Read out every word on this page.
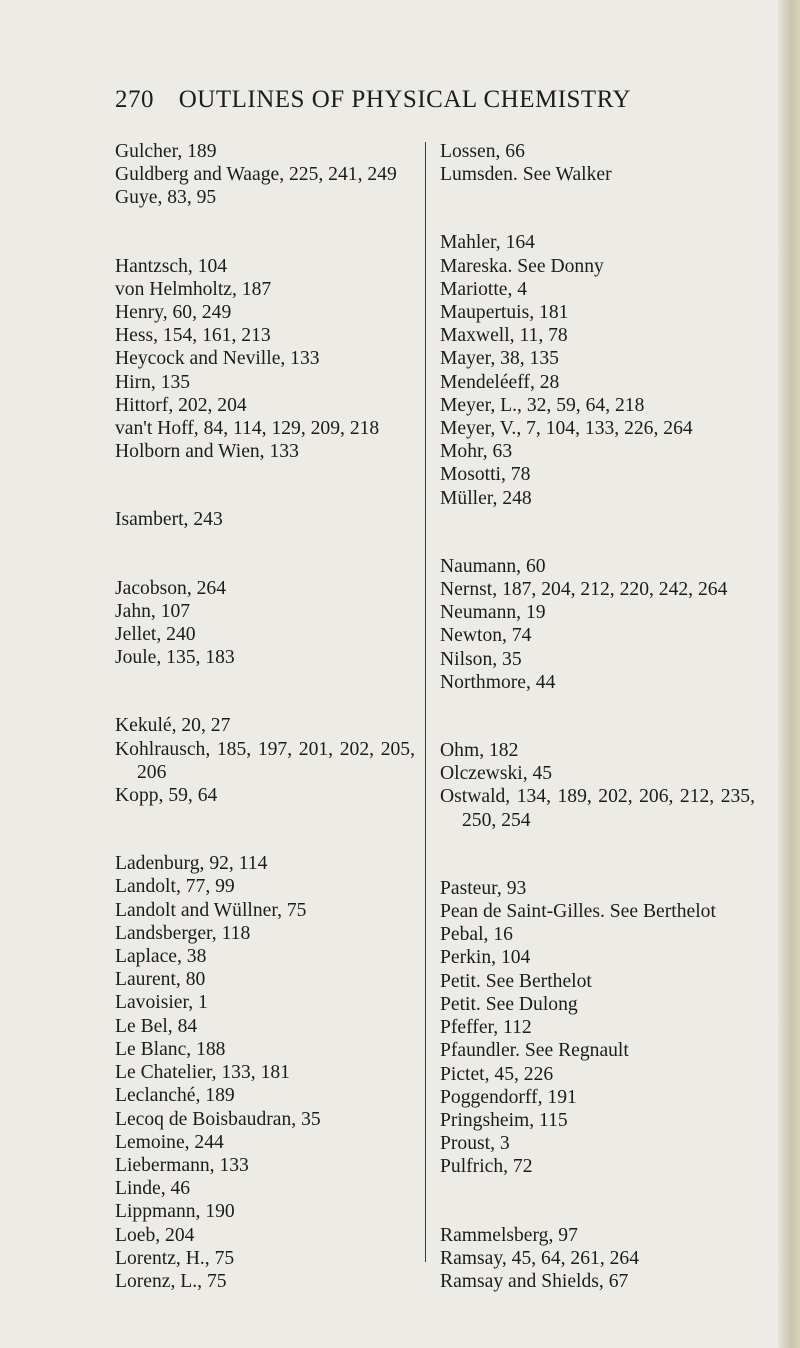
270 OUTLINES OF PHYSICAL CHEMISTRY
Gulcher, 189
Guldberg and Waage, 225, 241, 249
Guye, 83, 95
Hantzsch, 104
von Helmholtz, 187
Henry, 60, 249
Hess, 154, 161, 213
Heycock and Neville, 133
Hirn, 135
Hittorf, 202, 204
van't Hoff, 84, 114, 129, 209, 218
Holborn and Wien, 133
Isambert, 243
Jacobson, 264
Jahn, 107
Jellet, 240
Joule, 135, 183
Kekulé, 20, 27
Kohlrausch, 185, 197, 201, 202, 205, 206
Kopp, 59, 64
Ladenburg, 92, 114
Landolt, 77, 99
Landolt and Wüllner, 75
Landsberger, 118
Laplace, 38
Laurent, 80
Lavoisier, 1
Le Bel, 84
Le Blanc, 188
Le Chatelier, 133, 181
Leclanché, 189
Lecoq de Boisbaudran, 35
Lemoine, 244
Liebermann, 133
Linde, 46
Lippmann, 190
Loeb, 204
Lorentz, H., 75
Lorenz, L., 75
Lossen, 66
Lumsden. See Walker
Mahler, 164
Mareska. See Donny
Mariotte, 4
Maupertuis, 181
Maxwell, 11, 78
Mayer, 38, 135
Mendeléeff, 28
Meyer, L., 32, 59, 64, 218
Meyer, V., 7, 104, 133, 226, 264
Mohr, 63
Mosotti, 78
Müller, 248
Naumann, 60
Nernst, 187, 204, 212, 220, 242, 264
Neumann, 19
Newton, 74
Nilson, 35
Northmore, 44
Ohm, 182
Olczewski, 45
Ostwald, 134, 189, 202, 206, 212, 235, 250, 254
Pasteur, 93
Pean de Saint-Gilles. See Berthelot
Pebal, 16
Perkin, 104
Petit. See Berthelot
Petit. See Dulong
Pfeffer, 112
Pfaundler. See Regnault
Pictet, 45, 226
Poggendorff, 191
Pringsheim, 115
Proust, 3
Pulfrich, 72
Rammelsberg, 97
Ramsay, 45, 64, 261, 264
Ramsay and Shields, 67
